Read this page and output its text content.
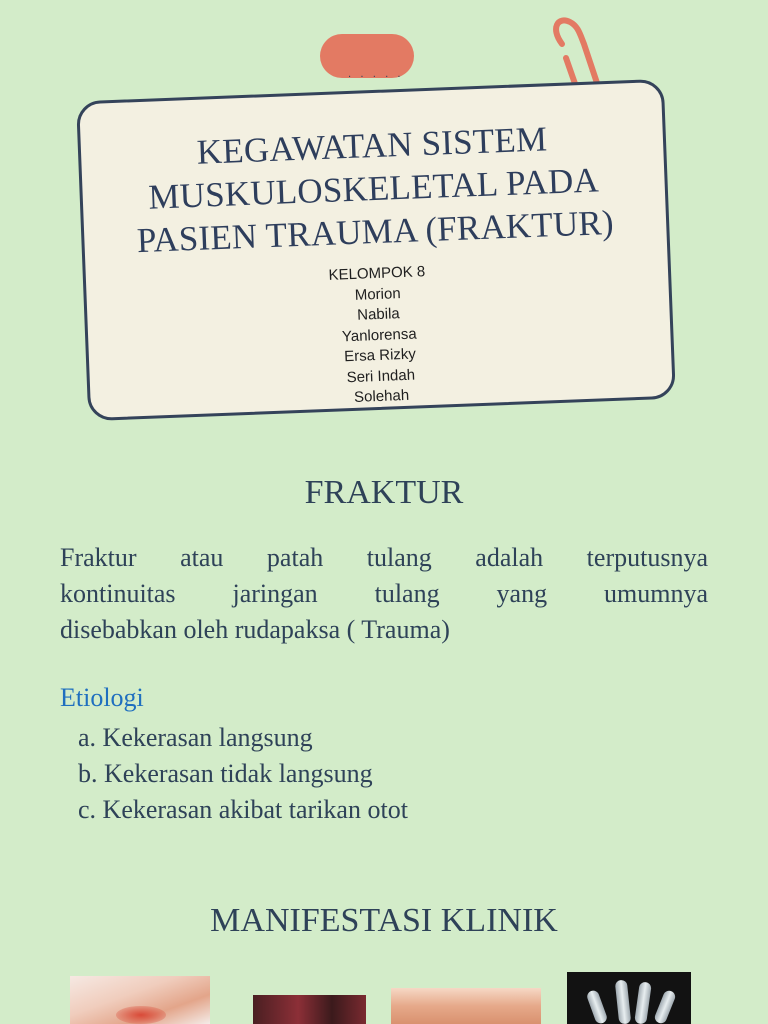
· · · · ·
KEGAWATAN SISTEM
MUSKULOSKELETAL PADA
PASIEN TRAUMA (FRAKTUR)
KELOMPOK 8
Morion
Nabila
Yanlorensa
Ersa Rizky
Seri Indah
Solehah
FRAKTUR
Fraktur atau patah tulang adalah terputusnya
kontinuitas jaringan tulang yang umumnya
disebabkan oleh rudapaksa ( Trauma)
Etiologi
a. Kekerasan langsung
b. Kekerasan tidak langsung
c. Kekerasan akibat tarikan otot
MANIFESTASI KLINIK
